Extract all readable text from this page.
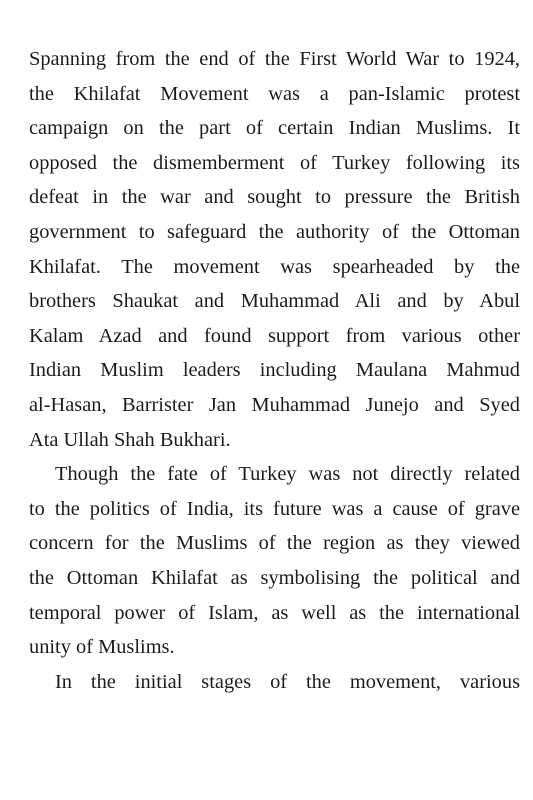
Spanning from the end of the First World War to 1924,
the Khilafat Movement was a pan-Islamic protest
campaign on the part of certain Indian Muslims. It
opposed the dismemberment of Turkey following its
defeat in the war and sought to pressure the British
government to safeguard the authority of the Ottoman
Khilafat. The movement was spearheaded by the
brothers Shaukat and Muhammad Ali and by Abul
Kalam Azad and found support from various other
Indian Muslim leaders including Maulana Mahmud
al-Hasan, Barrister Jan Muhammad Junejo and Syed
Ata Ullah Shah Bukhari.

Though the fate of Turkey was not directly related
to the politics of India, its future was a cause of grave
concern for the Muslims of the region as they viewed
the Ottoman Khilafat as symbolising the political and
temporal power of Islam, as well as the international
unity of Muslims.

In the initial stages of the movement, various
